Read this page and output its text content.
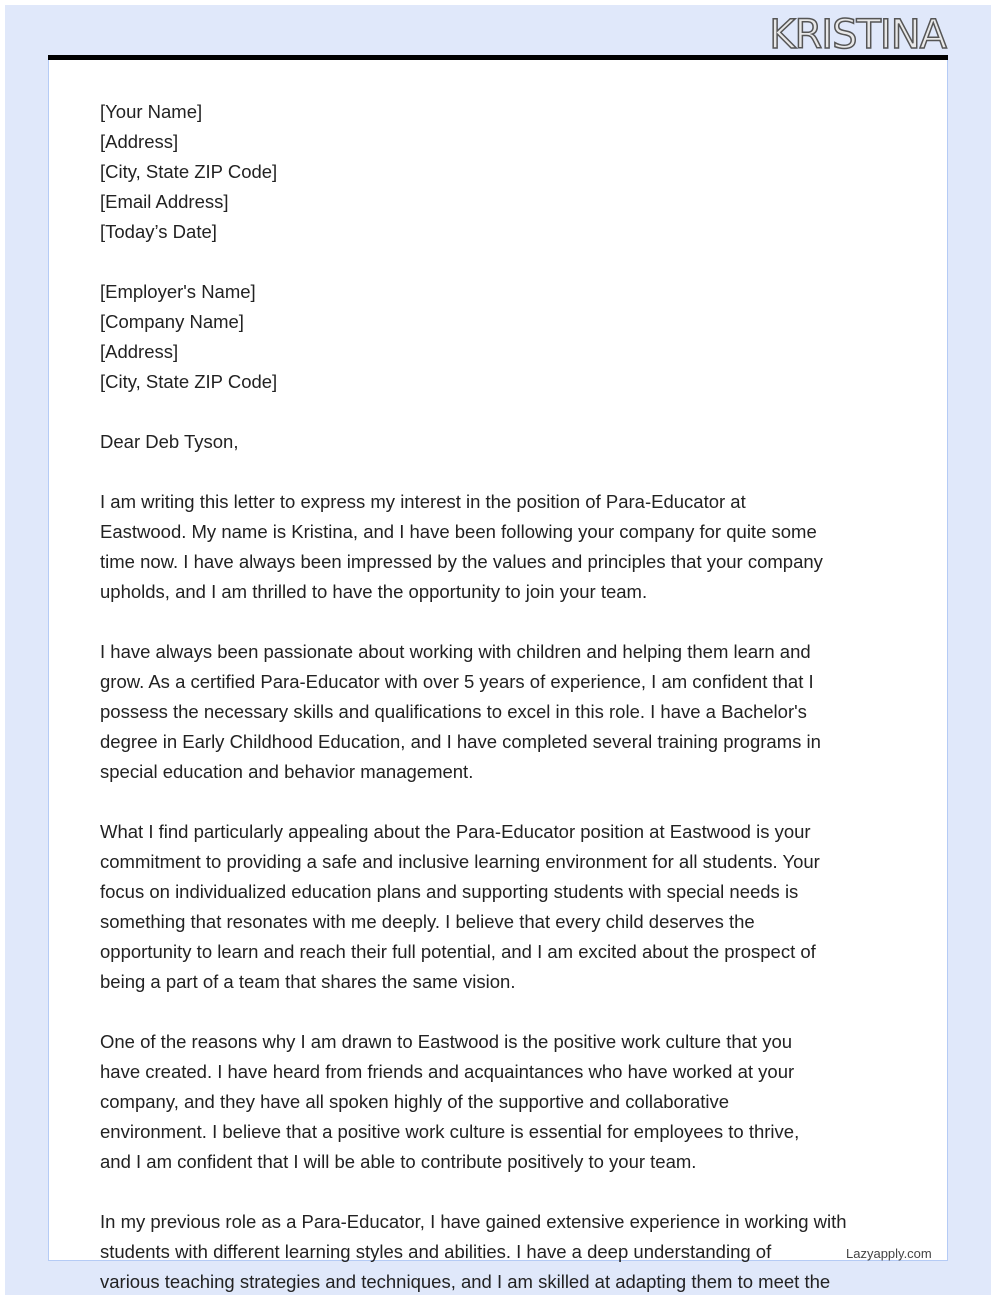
KRISTINA
[Your Name]
[Address]
[City, State ZIP Code]
[Email Address]
[Today’s Date]
[Employer's Name]
[Company Name]
[Address]
[City, State ZIP Code]
Dear Deb Tyson,
I am writing this letter to express my interest in the position of Para-Educator at
Eastwood. My name is Kristina, and I have been following your company for quite some
time now. I have always been impressed by the values and principles that your company
upholds, and I am thrilled to have the opportunity to join your team.
I have always been passionate about working with children and helping them learn and
grow. As a certified Para-Educator with over 5 years of experience, I am confident that I
possess the necessary skills and qualifications to excel in this role. I have a Bachelor's
degree in Early Childhood Education, and I have completed several training programs in
special education and behavior management.
What I find particularly appealing about the Para-Educator position at Eastwood is your
commitment to providing a safe and inclusive learning environment for all students. Your
focus on individualized education plans and supporting students with special needs is
something that resonates with me deeply. I believe that every child deserves the
opportunity to learn and reach their full potential, and I am excited about the prospect of
being a part of a team that shares the same vision.
One of the reasons why I am drawn to Eastwood is the positive work culture that you
have created. I have heard from friends and acquaintances who have worked at your
company, and they have all spoken highly of the supportive and collaborative
environment. I believe that a positive work culture is essential for employees to thrive,
and I am confident that I will be able to contribute positively to your team.
In my previous role as a Para-Educator, I have gained extensive experience in working with
students with different learning styles and abilities. I have a deep understanding of
various teaching strategies and techniques, and I am skilled at adapting them to meet the
Lazyapply.com
